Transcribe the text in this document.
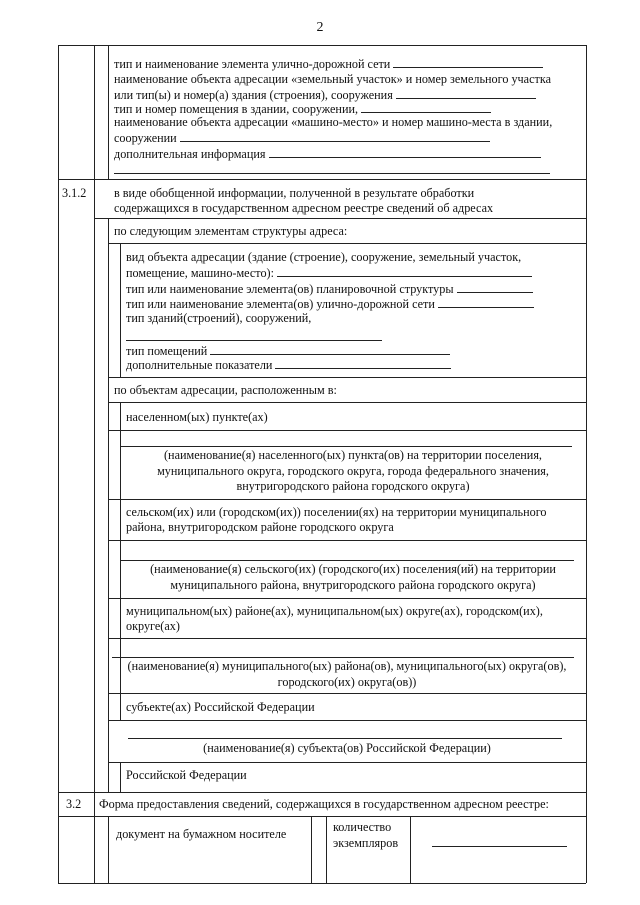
2
тип и наименование элемента улично-дорожной сети
наименование объекта адресации «земельный участок» и номер земельного участка
или тип(ы) и номер(а) здания (строения), сооружения
тип и номер помещения в здании, сооружении,
наименование объекта адресации «машино-место» и номер машино-места в здании,
сооружении
дополнительная информация
3.1.2 в виде обобщенной информации, полученной в результате обработки
содержащихся в государственном адресном реестре сведений об адресах
по следующим элементам структуры адреса:
вид объекта адресации (здание (строение), сооружение, земельный участок,
помещение, машино-место):
тип или наименование элемента(ов) планировочной структуры
тип или наименование элемента(ов) улично-дорожной сети
тип зданий(строений), сооружений,
тип помещений
дополнительные показатели
по объектам адресации, расположенным в:
населенном(ых) пункте(ах)
(наименование(я) населенного(ых) пункта(ов) на территории поселения,
муниципального округа, городского округа, города федерального значения,
внутригородского района городского округа)
сельском(их) или (городском(их)) поселении(ях) на территории муниципального
района, внутригородском районе городского округа
(наименование(я) сельского(их) (городского(их) поселения(ий) на территории
муниципального района, внутригородского района городского округа)
муниципальном(ых) районе(ах), муниципальном(ых) округе(ах), городском(их),
округе(ах)
(наименование(я) муниципального(ых) района(ов), муниципального(ых) округа(ов),
городского(их) округа(ов))
субъекте(ах) Российской Федерации
(наименование(я) субъекта(ов) Российской Федерации)
Российской Федерации
3.2 Форма предоставления сведений, содержащихся в государственном адресном реестре:
документ на бумажном носителе	количество
экземпляров
